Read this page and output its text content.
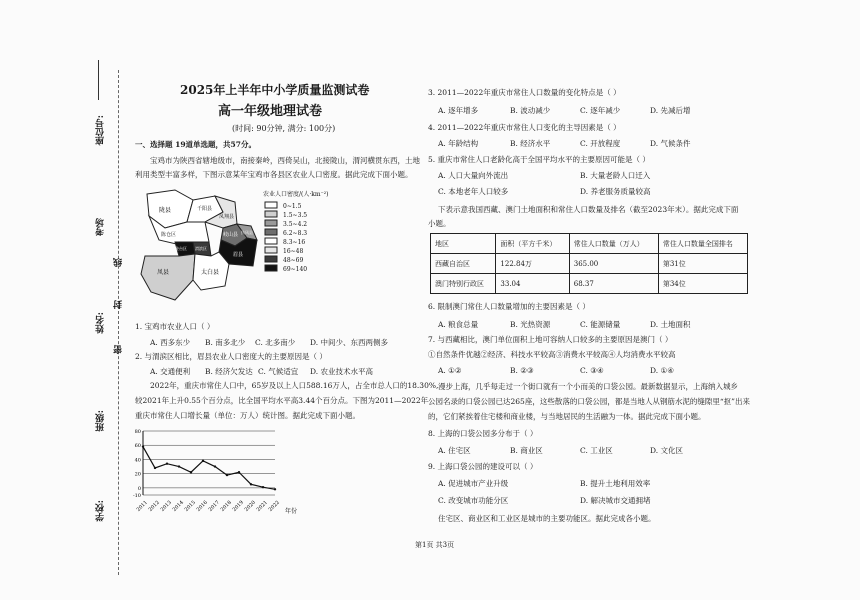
座位号:
考场
线
姓名:
封
密
班级:
学校:
2025年上半年中小学质量监测试卷
高一年级地理试卷
(时间: 90分钟, 满分: 100分)
一、选择题 19道单选题，共57分。
宝鸡市为陕西省辖地级市，南接秦岭，西倚吴山，北接陇山，渭河横贯东西，土地
利用类型丰富多样，下图示意某年宝鸡市各县区农业人口密度。据此完成下面小题。
陇县	千阳县
凤翔县
陈仓区	岐山县 扶风县
眉县
金台区 渭滨区
凤县	太白县
农业人口密度/(人·km⁻²)
0~1.5
1.5~3.5
3.5~4.2
6.2~8.3
8.3~16
16~48
48~69
69~140
1. 宝鸡市农业人口（ ）
A. 西多东少 B. 南多北少 C. 北多南少 D. 中间少、东西两侧多
2. 与渭滨区相比，眉县农业人口密度大的主要原因是（ ）
A. 交通便利 B. 经济欠发达 C. 气候适宜 D. 农业技术水平高
2022年，重庆市常住人口中，65岁及以上人口588.16万人，占全市总人口的18.30%,
较2021年上升0.55个百分点，比全国平均水平高3.44个百分点。下图为2011—2022年
重庆市常住人口增长量（单位：万人）统计图。据此完成下面小题。
80
60
40
20
0
-10
2011
2012
2013
2014
2015
2016
2017
2018
2019
2020
2021
2022 年份
3. 2011—2022年重庆市常住人口数量的变化特点是（ ）
A. 逐年增多	B. 波动减少	C. 逐年减少	D. 先减后增
4. 2011—2022年重庆市常住人口变化的主导因素是（ ）
A. 年龄结构	B. 经济水平	C. 开放程度	D. 气候条件
5. 重庆市常住人口老龄化高于全国平均水平的主要原因可能是（ ）
A. 人口大量向外流出	B. 大量老龄人口迁入
C. 本地老年人口较多	D. 养老服务质量较高
下表示意我国西藏、澳门土地面积和常住人口数量及排名（截至2023年末）。据此完成下面
小题。
地区	面积（平方千米）	常住人口数量（万人）	常住人口数量全国排名
西藏自治区	122.84万	365.00	第31位
澳门特别行政区	33.04	68.37	第34位
6. 限制澳门常住人口数量增加的主要因素是（ ）
A. 粮食总量	B. 光热资源	C. 能源储量	D. 土地面积
7. 与西藏相比，澳门单位面积上地可容纳人口较多的主要原因是澳门（ ）
①自然条件优越②经济、科技水平较高③消费水平较高④人均消费水平较高
A. ①②	B. ②③	C. ③④	D. ①④
漫步上海，几乎每走过一个街口就有一个小而美的口袋公园。最新数据显示，上海纳入城乡
公园名录的口袋公园已达265座，这些散落的口袋公园，都是当地人从钢筋水泥的缝隙里“抠”出来
的，它们紧挨着住宅楼和商业楼，与当地居民的生活融为一体。据此完成下面小题。
8. 上海的口袋公园多分布于（ ）
A. 住宅区	B. 商业区	C. 工业区	D. 文化区
9. 上海口袋公园的建设可以（ ）
A. 促进城市产业升级	B. 提升土地利用效率
C. 改变城市功能分区	D. 解决城市交通拥堵
住宅区、商业区和工业区是城市的主要功能区。据此完成各小题。
第1页 共3页
